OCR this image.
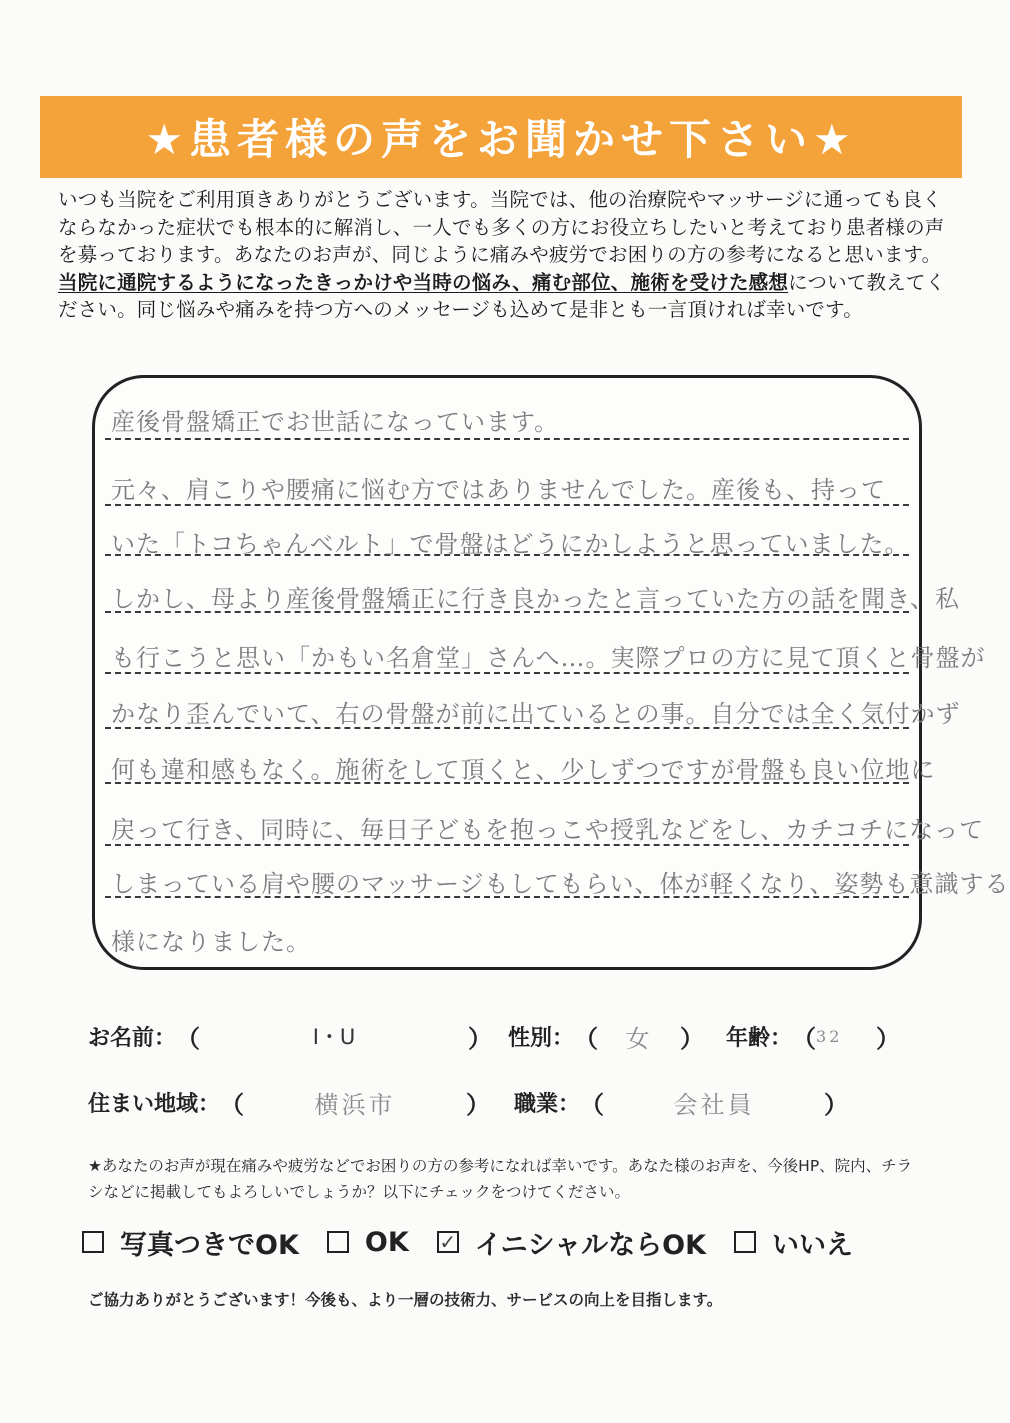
★患者様の声をお聞かせ下さい★
いつも当院をご利用頂きありがとうございます。当院では、他の治療院やマッサージに通っても良くならなかった症状でも根本的に解消し、一人でも多くの方にお役立ちしたいと考えており患者様の声を募っております。あなたのお声が、同じように痛みや疲労でお困りの方の参考になると思います。当院に通院するようになったきっかけや当時の悩み、痛む部位、施術を受けた感想について教えてください。同じ悩みや痛みを持つ方へのメッセージも込めて是非とも一言頂ければ幸いです。
産後骨盤矯正でお世話になっています。
元々、肩こりや腰痛に悩む方ではありませんでした。産後も、持って
いた「トコちゃんベルト」で骨盤はどうにかしようと思っていました。
しかし、母より産後骨盤矯正に行き良かったと言っていた方の話を聞き、私
も行こうと思い「かもい名倉堂」さんへ…。実際プロの方に見て頂くと骨盤が
かなり歪んでいて、右の骨盤が前に出ているとの事。自分では全く気付かず
何も違和感もなく。施術をして頂くと、少しずつですが骨盤も良い位地に
戻って行き、同時に、毎日子どもを抱っこや授乳などをし、カチコチになって
しまっている肩や腰のマッサージもしてもらい、体が軽くなり、姿勢も意識する
様になりました。
お名前： （	I・U	） 性別： （	女	） 年齢： （ 32	）
住まい地域： （	横浜市	） 職業： （	会社員	）
★あなたのお声が現在痛みや疲労などでお困りの方の参考になれば幸いです。あなた様のお声を、今後HP、院内、チラシなどに掲載してもよろしいでしょうか？以下にチェックをつけてください。
写真つきでOK OK ✓ イニシャルならOK いいえ
ご協力ありがとうございます！今後も、より一層の技術力、サービスの向上を目指します。
